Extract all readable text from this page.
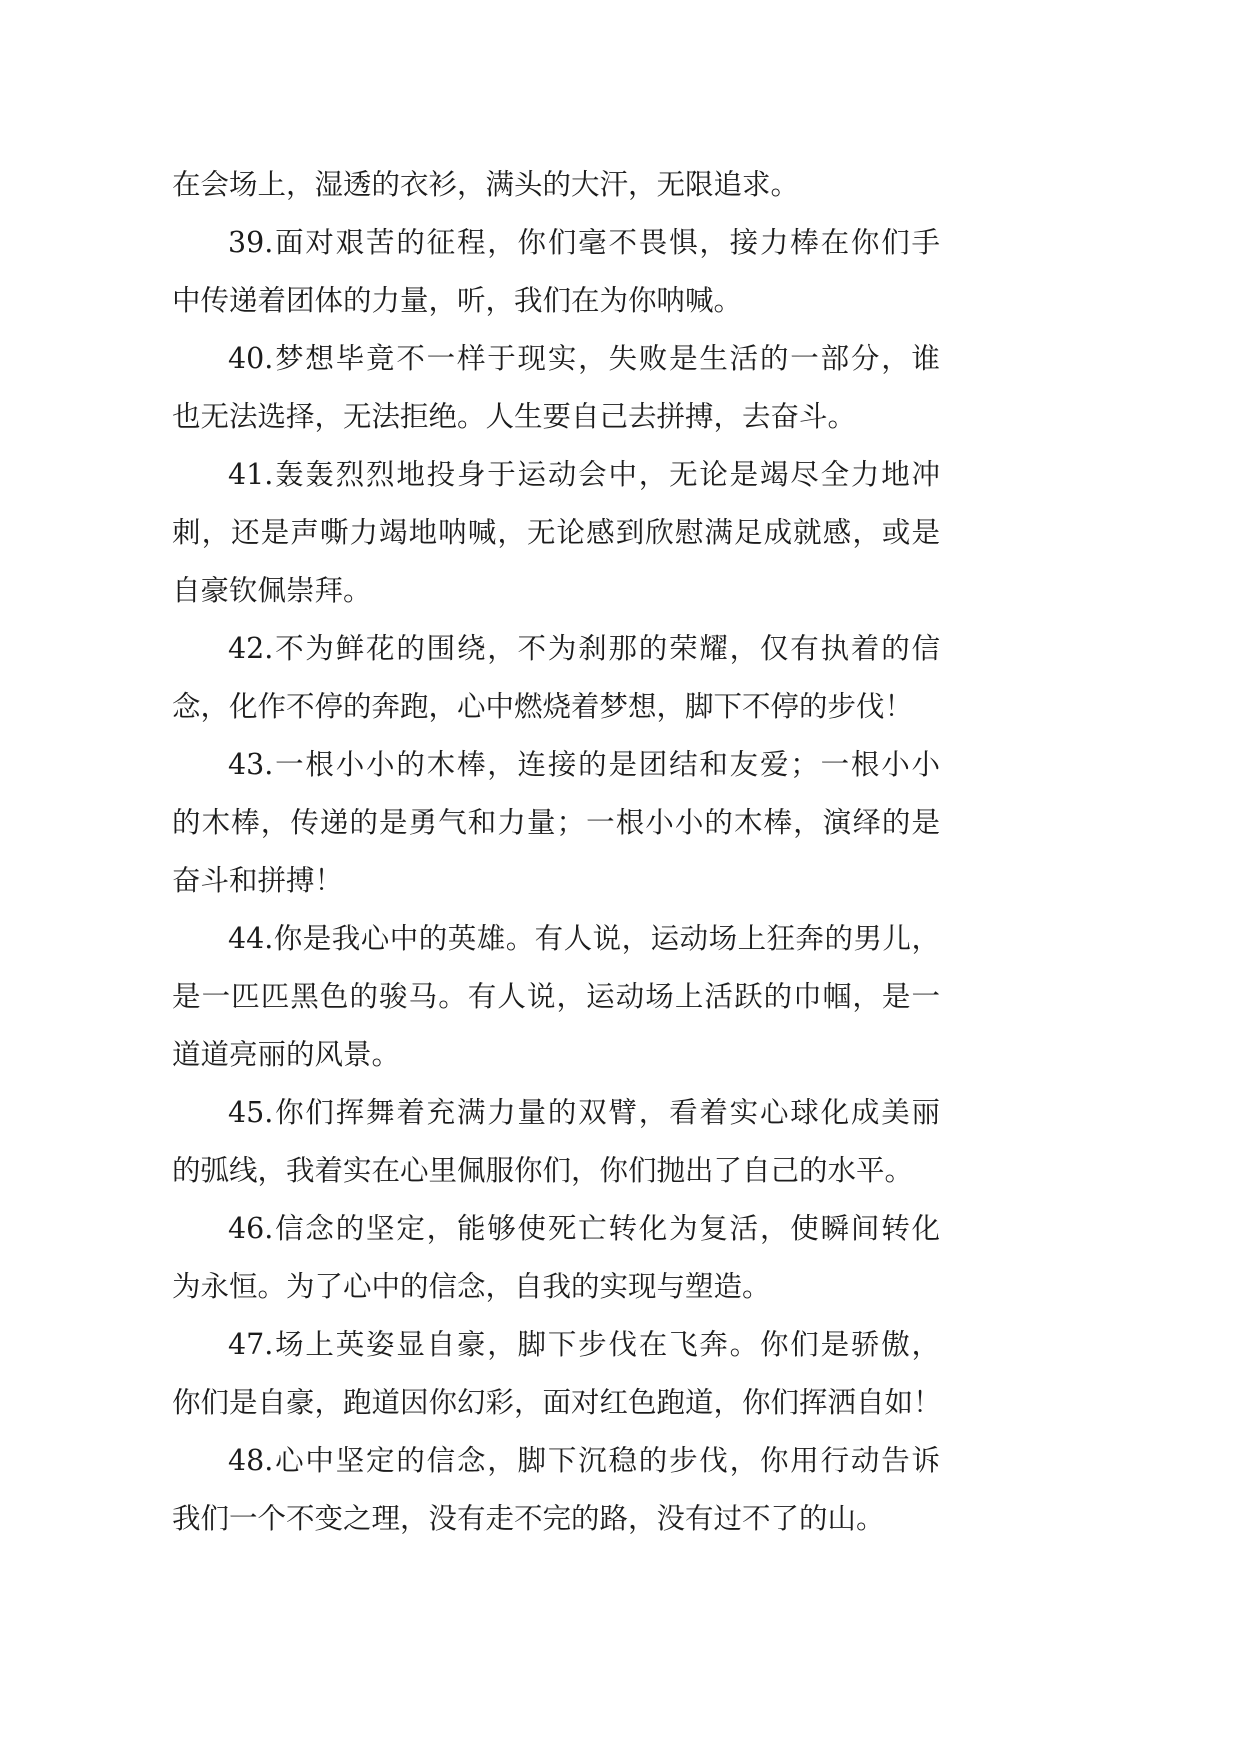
在会场上，湿透的衣衫，满头的大汗，无限追求。
39.面对艰苦的征程，你们毫不畏惧，接力棒在你们手
中传递着团体的力量，听，我们在为你呐喊。
40.梦想毕竟不一样于现实，失败是生活的一部分，谁
也无法选择，无法拒绝。人生要自己去拼搏，去奋斗。
41.轰轰烈烈地投身于运动会中，无论是竭尽全力地冲
刺，还是声嘶力竭地呐喊，无论感到欣慰满足成就感，或是
自豪钦佩崇拜。
42.不为鲜花的围绕，不为刹那的荣耀，仅有执着的信
念，化作不停的奔跑，心中燃烧着梦想，脚下不停的步伐！
43.一根小小的木棒，连接的是团结和友爱；一根小小
的木棒，传递的是勇气和力量；一根小小的木棒，演绎的是
奋斗和拼搏！
44.你是我心中的英雄。有人说，运动场上狂奔的男儿，
是一匹匹黑色的骏马。有人说，运动场上活跃的巾帼，是一
道道亮丽的风景。
45.你们挥舞着充满力量的双臂，看着实心球化成美丽
的弧线，我着实在心里佩服你们，你们抛出了自己的水平。
46.信念的坚定，能够使死亡转化为复活，使瞬间转化
为永恒。为了心中的信念，自我的实现与塑造。
47.场上英姿显自豪，脚下步伐在飞奔。你们是骄傲，
你们是自豪，跑道因你幻彩，面对红色跑道，你们挥洒自如！
48.心中坚定的信念，脚下沉稳的步伐，你用行动告诉
我们一个不变之理，没有走不完的路，没有过不了的山。
